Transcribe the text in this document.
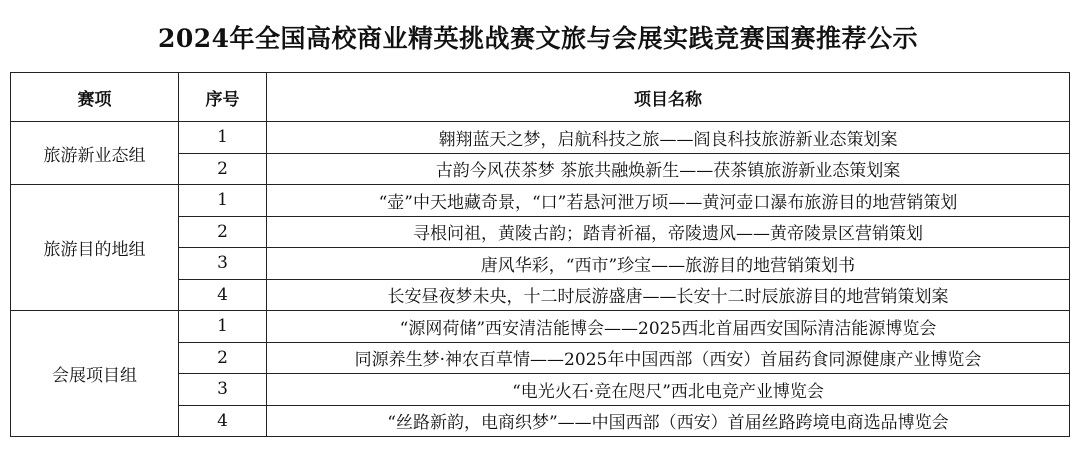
2024年全国高校商业精英挑战赛文旅与会展实践竞赛国赛推荐公示
赛项	序号	项目名称
旅游新业态组	1	翱翔蓝天之梦，启航科技之旅——阎良科技旅游新业态策划案
	2	古韵今风茯茶梦 茶旅共融焕新生——茯茶镇旅游新业态策划案
旅游目的地组	1	“壶”中天地藏奇景，“口”若悬河泄万顷——黄河壶口瀑布旅游目的地营销策划
	2	寻根问祖，黄陵古韵；踏青祈福，帝陵遗风——黄帝陵景区营销策划
	3	唐风华彩，“西市”珍宝——旅游目的地营销策划书
	4	长安昼夜梦未央，十二时辰游盛唐——长安十二时辰旅游目的地营销策划案
会展项目组	1	“源网荷储”西安清洁能博会——2025西北首届西安国际清洁能源博览会
	2	同源养生梦·神农百草情——2025年中国西部（西安）首届药食同源健康产业博览会
	3	“电光火石·竞在咫尺”西北电竞产业博览会
	4	“丝路新韵，电商织梦”——中国西部（西安）首届丝路跨境电商选品博览会
